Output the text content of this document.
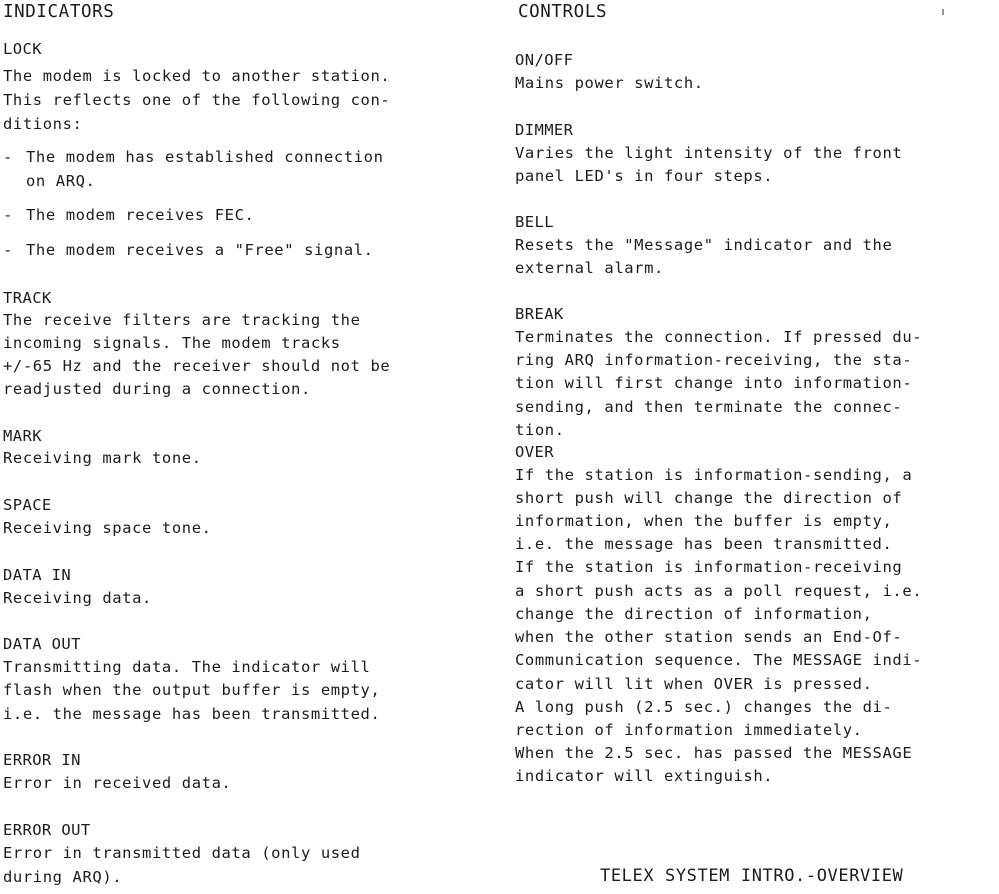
INDICATORS
LOCK
The modem is locked to another station.
This reflects one of the following con-
ditions:
- The modem has established connection
on ARQ.
- The modem receives FEC.
- The modem receives a "Free" signal.
TRACK
The receive filters are tracking the
incoming signals. The modem tracks
+/-65 Hz and the receiver should not be
readjusted during a connection.
MARK
Receiving mark tone.
SPACE
Receiving space tone.
DATA IN
Receiving data.
DATA OUT
Transmitting data. The indicator will
flash when the output buffer is empty,
i.e. the message has been transmitted.
ERROR IN
Error in received data.
ERROR OUT
Error in transmitted data (only used
during ARQ).
CONTROLS
ON/OFF
Mains power switch.
DIMMER
Varies the light intensity of the front
panel LED's in four steps.
BELL
Resets the "Message" indicator and the
external alarm.
BREAK
Terminates the connection. If pressed du-
ring ARQ information-receiving, the sta-
tion will first change into information-
sending, and then terminate the connec-
tion.
OVER
If the station is information-sending, a
short push will change the direction of
information, when the buffer is empty,
i.e. the message has been transmitted.
If the station is information-receiving
a short push acts as a poll request, i.e.
change the direction of information,
when the other station sends an End-Of-
Communication sequence. The MESSAGE indi-
cator will lit when OVER is pressed.
A long push (2.5 sec.) changes the di-
rection of information immediately.
When the 2.5 sec. has passed the MESSAGE
indicator will extinguish.
TELEX SYSTEM INTRO.-OVERVIEW
